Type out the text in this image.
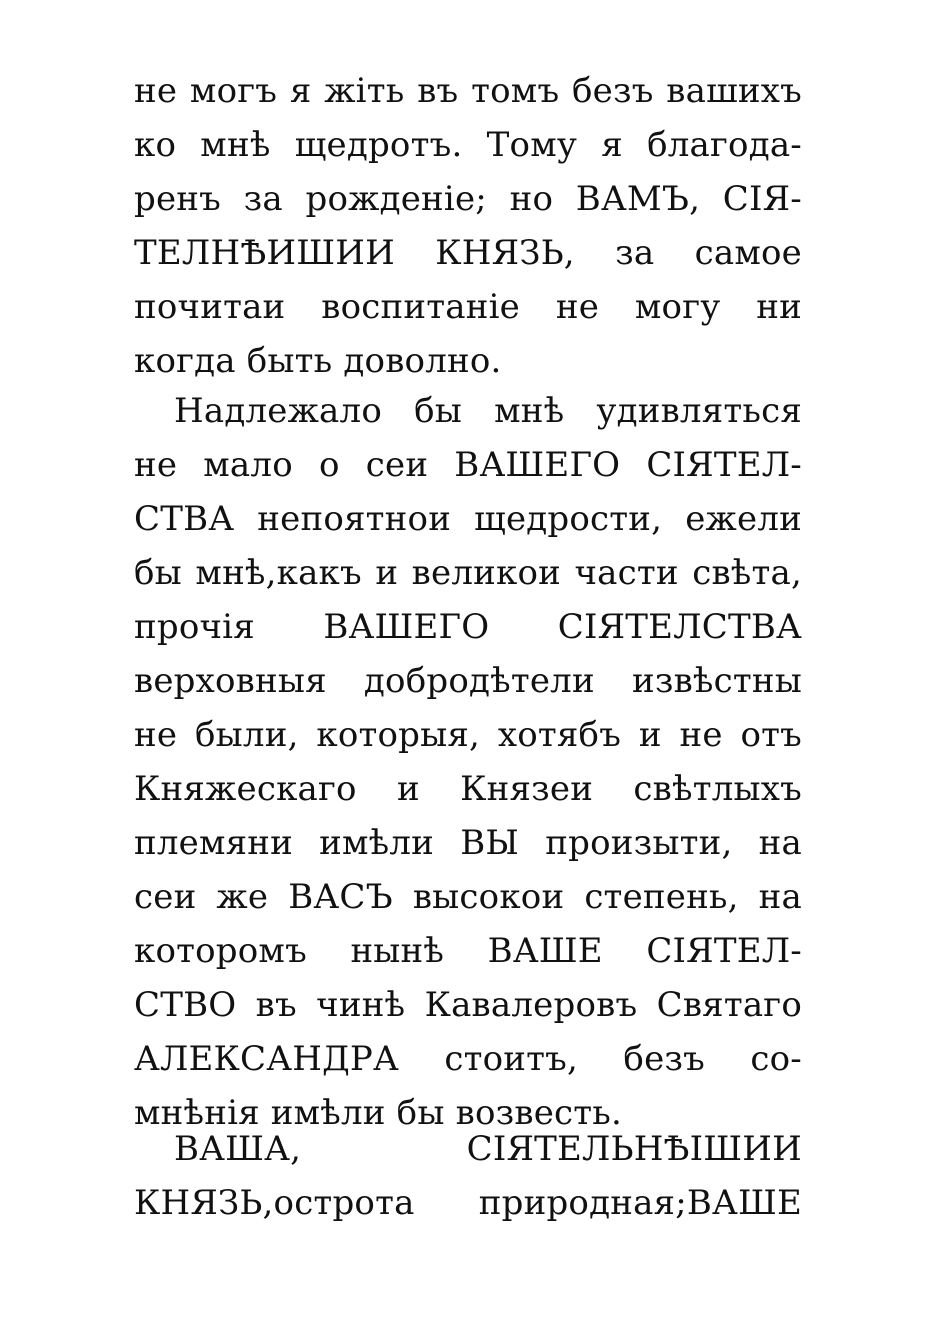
не могъ я жiть въ томъ безъ вашихъ
ко мнѣ щедротъ. Тому я благода-
ренъ за рожденiе; но ВАМЪ, СIЯ-
ТЕЛНѢИШИИ КНЯЗЬ, за самое
почитаи воспитанiе не могу ни
когда быть доволно.
Надлежало бы мнѣ удивляться
не мало о сеи ВАШЕГО СIЯТЕЛ-
СТВА непоятнои щедрости, ежели
бы мнѣ,какъ и великои части свѣта,
прочiя ВАШЕГО СIЯТЕЛСТВА
верховныя добродѣтели извѣстны
не были, которыя, хотябъ и не отъ
Княжескаго и Князеи свѣтлыхъ
племяни имѣли ВЫ произыти, на
сеи же ВАСЪ высокои степень, на
которомъ нынѣ ВАШЕ СIЯТЕЛ-
СТВО въ чинѣ Кавалеровъ Святаго
АЛЕКСАНДРА стоитъ, безъ со-
мнѣнiя имѣли бы возвесть.
ВАША, СIЯТЕЛЬНѢIШИИ
КНЯЗЬ,острота природная;ВАШЕ
